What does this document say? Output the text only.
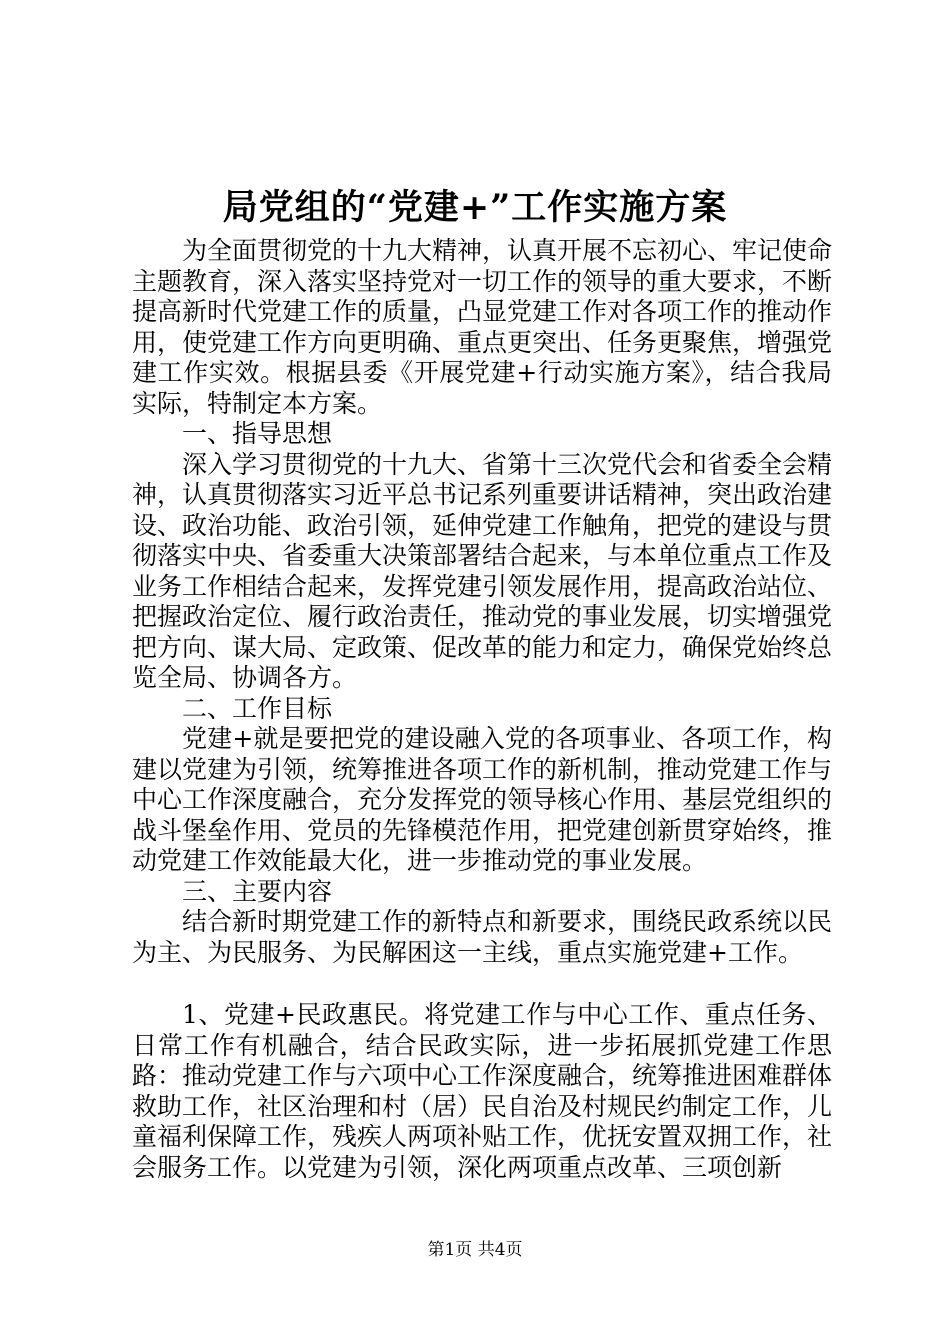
局党组的“党建+”工作实施方案

为全面贯彻党的十九大精神，认真开展不忘初心、牢记使命主题教育，深入落实坚持党对一切工作的领导的重大要求，不断提高新时代党建工作的质量，凸显党建工作对各项工作的推动作用，使党建工作方向更明确、重点更突出、任务更聚焦，增强党建工作实效。根据县委《开展党建+行动实施方案》，结合我局实际，特制定本方案。

一、指导思想

深入学习贯彻党的十九大、省第十三次党代会和省委全会精神，认真贯彻落实习近平总书记系列重要讲话精神，突出政治建设、政治功能、政治引领，延伸党建工作触角，把党的建设与贯彻落实中央、省委重大决策部署结合起来，与本单位重点工作及业务工作相结合起来，发挥党建引领发展作用，提高政治站位、把握政治定位、履行政治责任，推动党的事业发展，切实增强党把方向、谋大局、定政策、促改革的能力和定力，确保党始终总览全局、协调各方。

二、工作目标

党建+就是要把党的建设融入党的各项事业、各项工作，构建以党建为引领，统筹推进各项工作的新机制，推动党建工作与中心工作深度融合，充分发挥党的领导核心作用、基层党组织的战斗堡垒作用、党员的先锋模范作用，把党建创新贯穿始终，推动党建工作效能最大化，进一步推动党的事业发展。

三、主要内容

结合新时期党建工作的新特点和新要求，围绕民政系统以民为主、为民服务、为民解困这一主线，重点实施党建+工作。

1、党建+民政惠民。将党建工作与中心工作、重点任务、日常工作有机融合，结合民政实际，进一步拓展抓党建工作思路：推动党建工作与六项中心工作深度融合，统筹推进困难群体救助工作，社区治理和村（居）民自治及村规民约制定工作，儿童福利保障工作，残疾人两项补贴工作，优抚安置双拥工作，社会服务工作。以党建为引领，深化两项重点改革、三项创新

第1页 共4页
